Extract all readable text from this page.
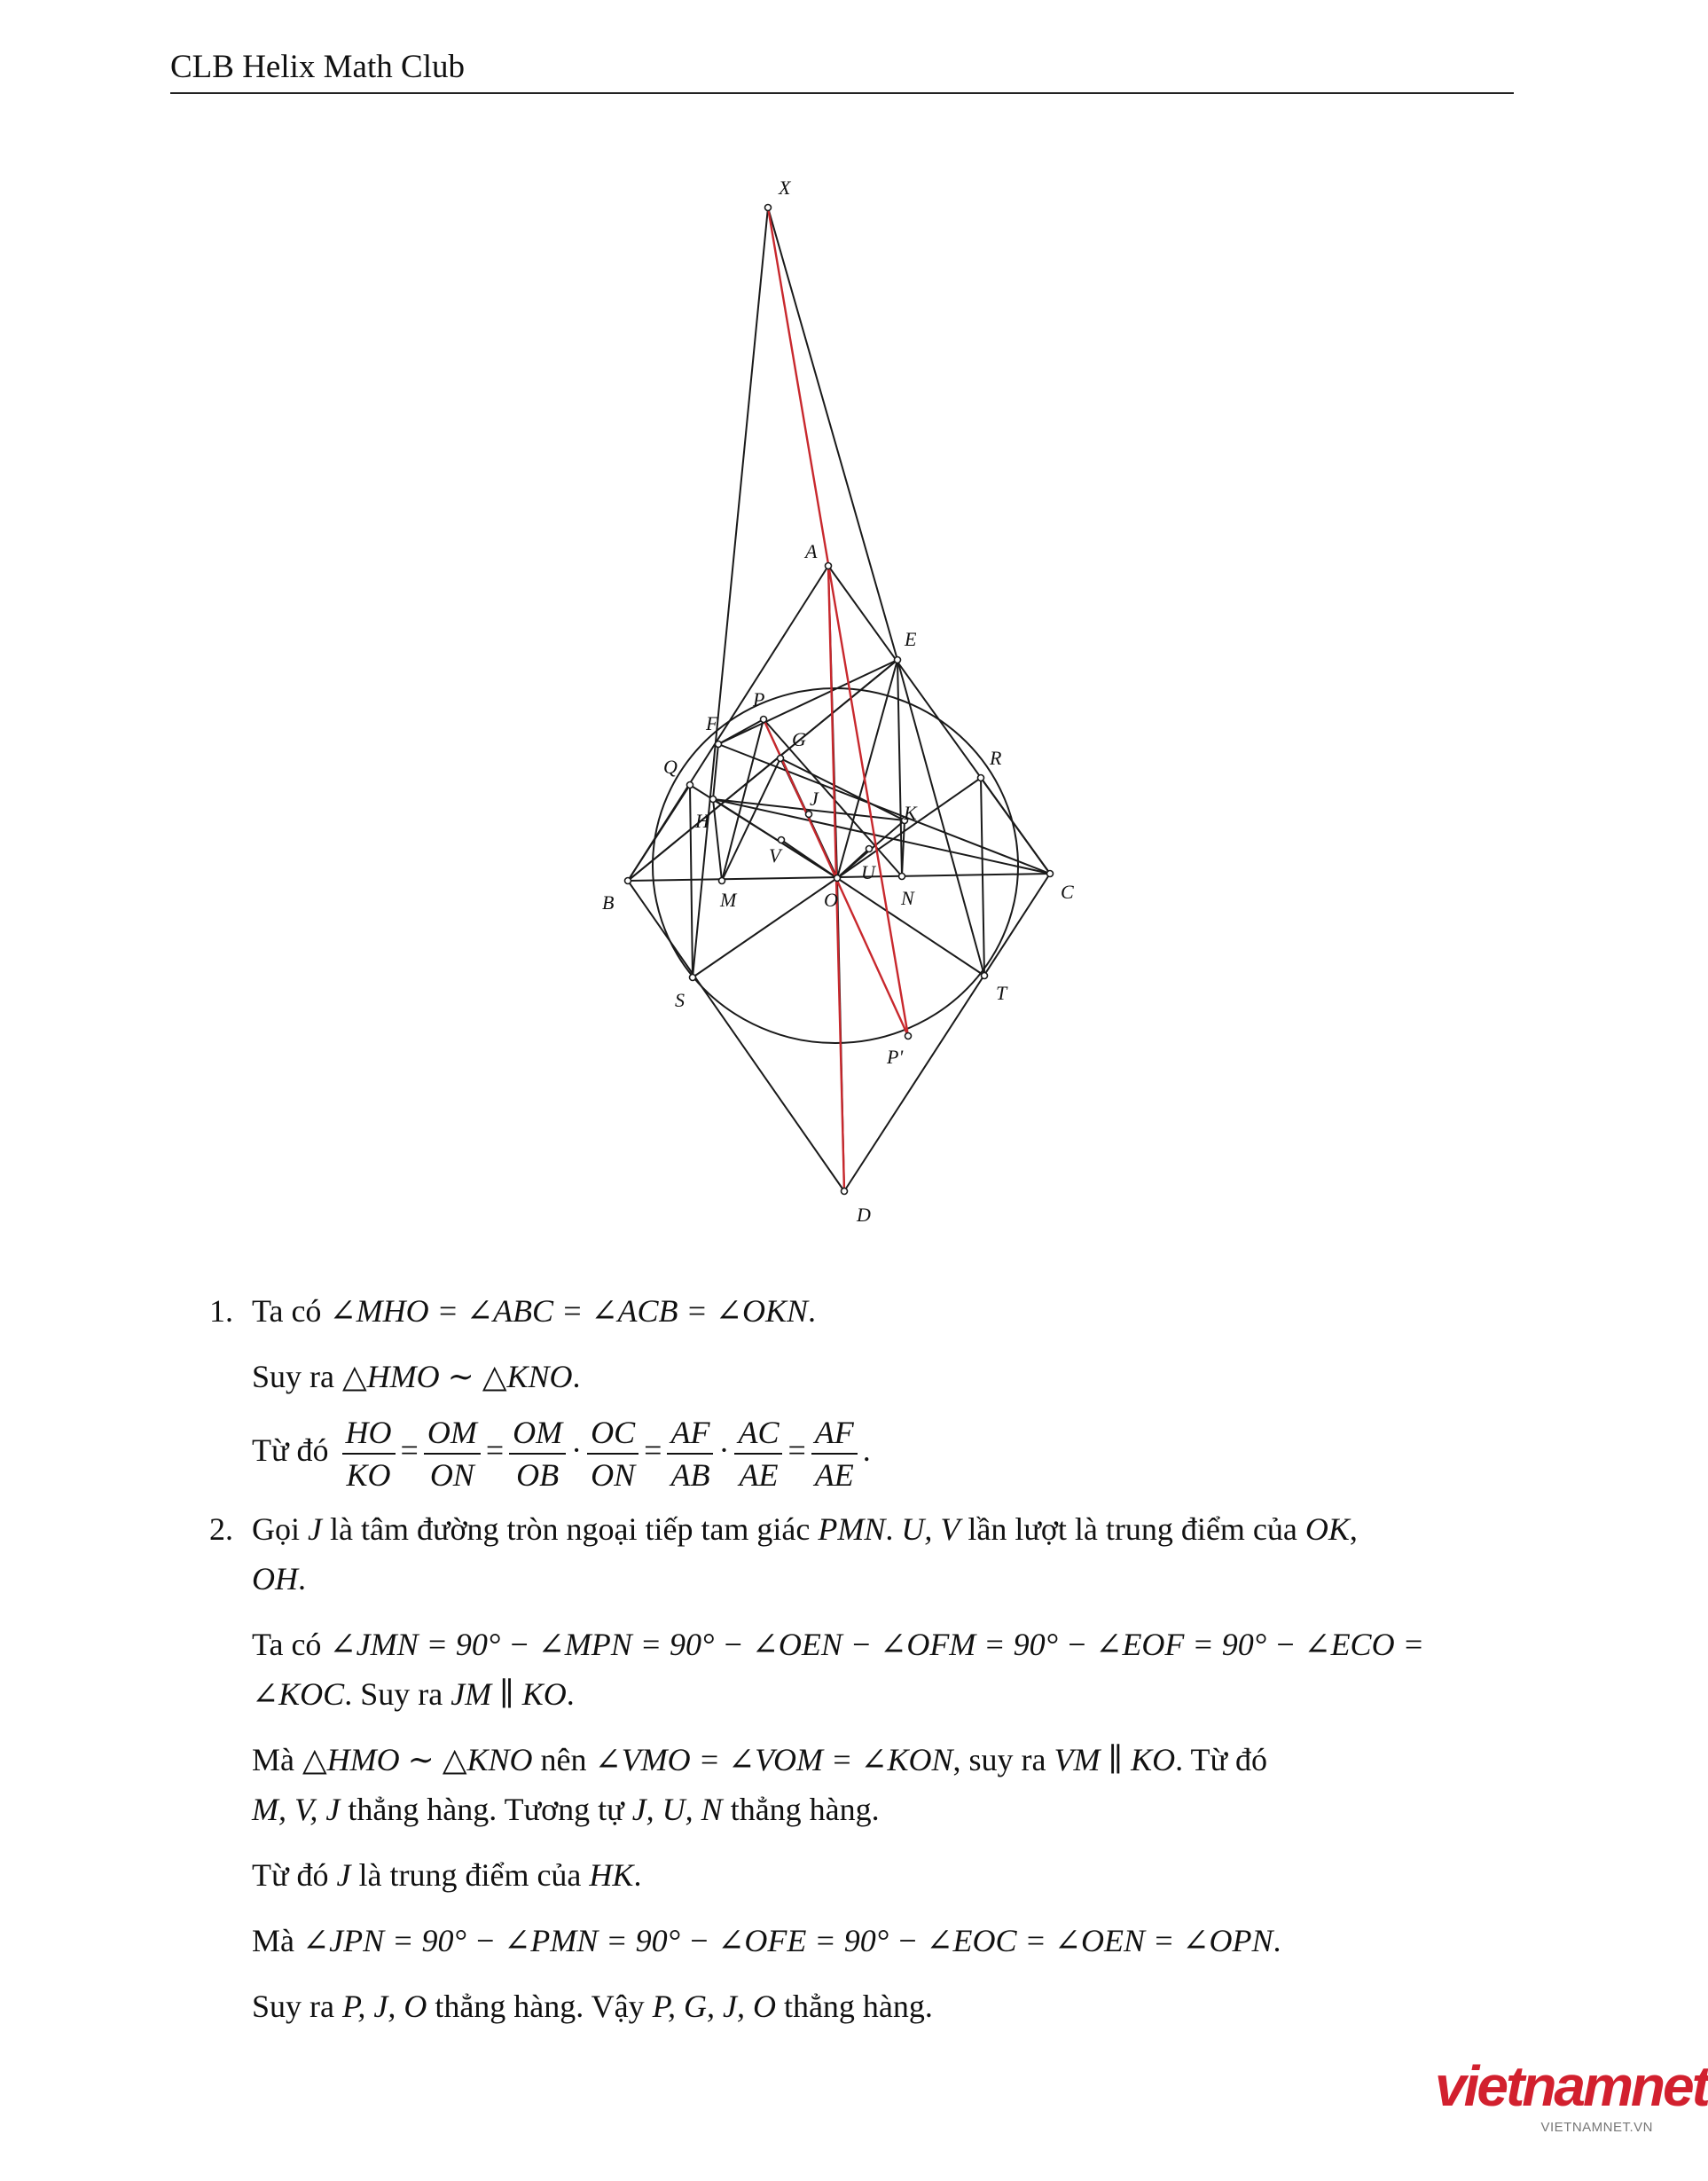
CLB Helix Math Club
X
A
E
P
F
G
Q	R
J
H	K
V
U
B	M	O	N	C
S	T
P'
D
1. Ta có ∠MHO = ∠ABC = ∠ACB = ∠OKN.
Suy ra △HMO ∼ △KNO.
Từ đó $\frac{HO}{KO} = \frac{OM}{ON} = \frac{OM}{OB} \cdot \frac{OC}{ON} = \frac{AF}{AB} \cdot \frac{AC}{AE} = \frac{AF}{AE}$ .
2. Gọi J là tâm đường tròn ngoại tiếp tam giác PMN. U, V lần lượt là trung điểm của OK,
OH.
Ta có ∠JMN = 90° − ∠MPN = 90° − ∠OEN − ∠OFM = 90° − ∠EOF = 90° − ∠ECO =
∠KOC. Suy ra JM ∥ KO.
Mà △HMO ∼ △KNO nên ∠VMO = ∠VOM = ∠KON, suy ra VM ∥ KO. Từ đó
M, V, J thẳng hàng. Tương tự J, U, N thẳng hàng.
Từ đó J là trung điểm của HK.
Mà ∠JPN = 90° − ∠PMN = 90° − ∠OFE = 90° − ∠EOC = ∠OEN = ∠OPN.
Suy ra P, J, O thẳng hàng. Vậy P, G, J, O thẳng hàng.
vietnamnet
VIETNAMNET.VN
